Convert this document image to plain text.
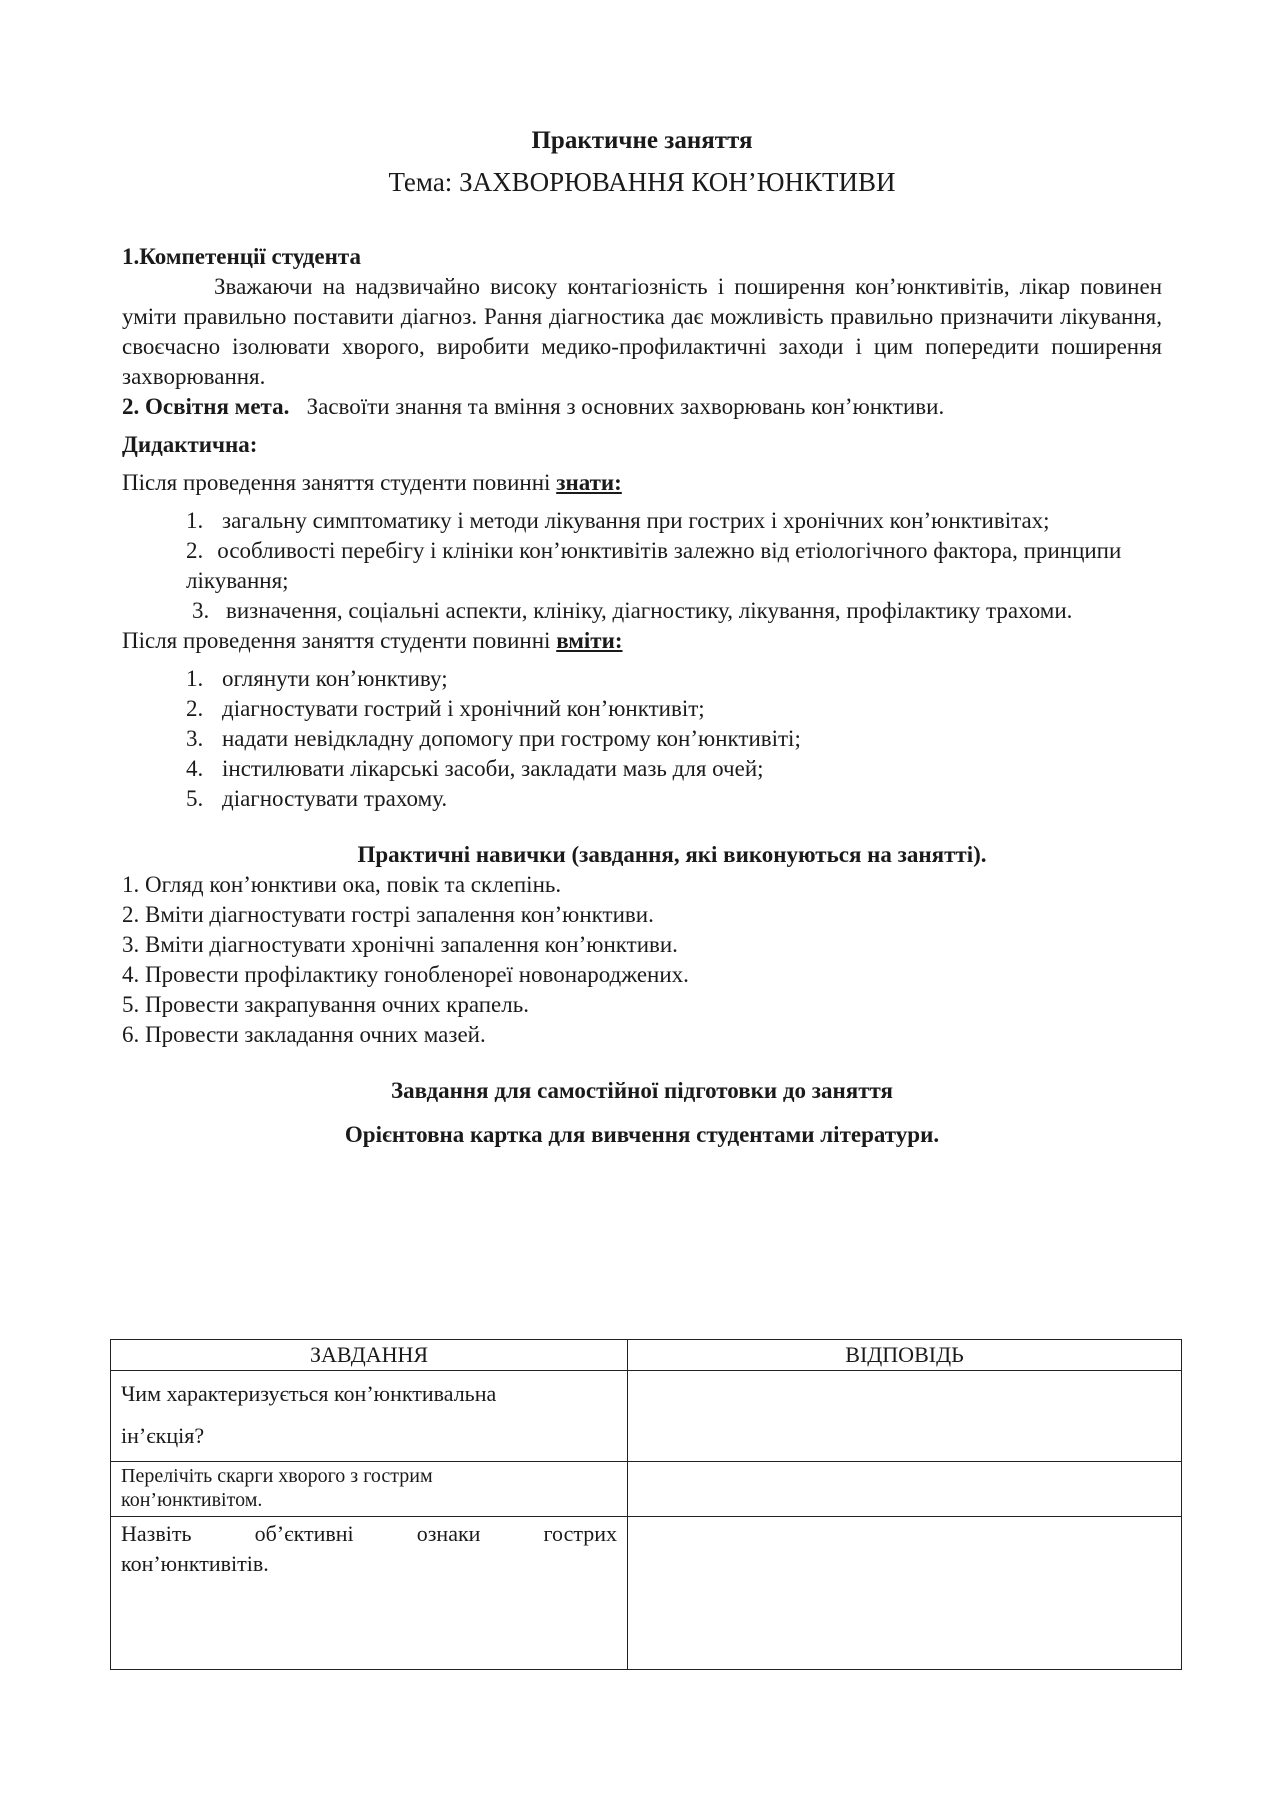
Практичне заняття

Тема: ЗАХВОРЮВАННЯ КОН’ЮНКТИВИ

1.Компетенції студента

Зважаючи на надзвичайно високу контагіозність і поширення кон’юнктивітів, лікар повинен уміти правильно поставити діагноз. Рання діагностика дає можливість правильно призначити лікування, своєчасно ізолювати хворого, виробити медико-профилактичні заходи і цим попередити поширення захворювання.

2. Освітня мета. Засвоїти знання та вміння з основних захворювань кон’юнктиви.

Дидактична:

Після проведення заняття студенти повинні знати:

1. загальну симптоматику і методи лікування при гострих і хронічних кон’юнктивітах;
2. особливості перебігу і клініки кон’юнктивітів залежно від етіологічного фактора, принципи лікування;
3. визначення, соціальні аспекти, клініку, діагностику, лікування, профілактику трахоми.

Після проведення заняття студенти повинні вміти:

1. оглянути кон’юнктиву;
2. діагностувати гострий і хронічний кон’юнктивіт;
3. надати невідкладну допомогу при гострому кон’юнктивіті;
4. інстилювати лікарські засоби, закладати мазь для очей;
5. діагностувати трахому.

Практичні навички (завдання, які виконуються на занятті).

1. Огляд кон’юнктиви ока, повік та склепінь.
2. Вміти діагностувати гострі запалення кон’юнктиви.
3. Вміти діагностувати хронічні запалення кон’юнктиви.
4. Провести профілактику гонобленореї новонароджених.
5. Провести закрапування очних крапель.
6. Провести закладання очних мазей.

Завдання для самостійної підготовки до заняття

Орієнтовна картка для вивчення студентами літератури.

ЗАВДАННЯ	ВІДПОВІДЬ

Чим характеризується кон’юнктивальна
ін’єкція?	

Перелічіть скарги хворого з гострим
кон’юнктивітом.	

Назвіть об’єктивні ознаки гострих
кон’юнктивітів.	
